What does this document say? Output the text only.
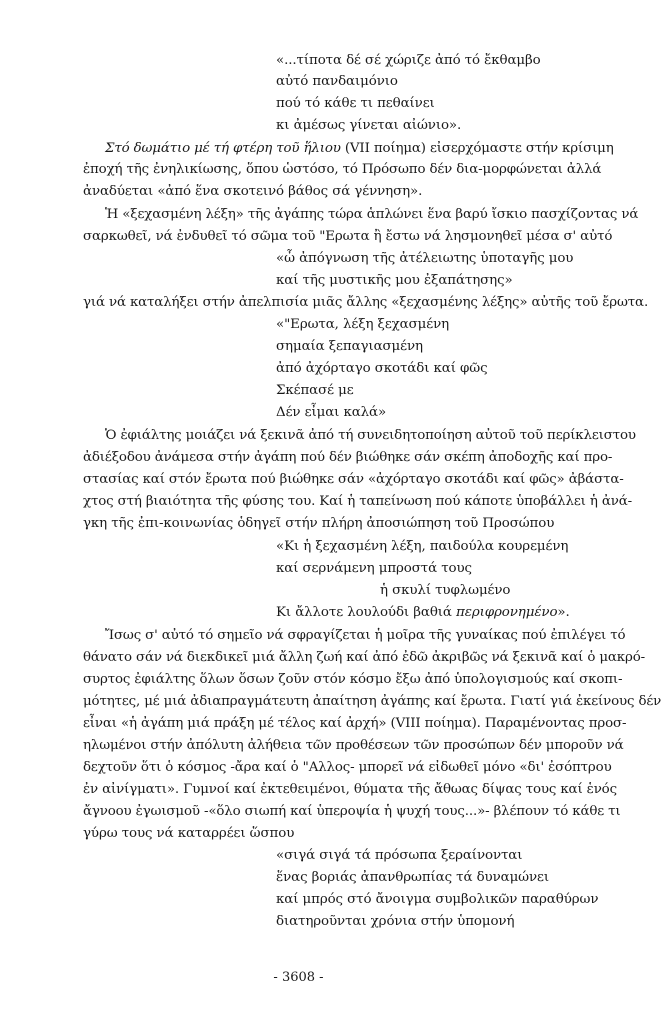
«...τίποτα δέ σέ χώριζε ἀπό τό ἔκθαμβο
αὐτό πανδαιμόνιο
πού τό κάθε τι πεθαίνει
κι ἀμέσως γίνεται αἰώνιο».
Στό δωμάτιο μέ τή φτέρη τοῦ ἥλιου (VII ποίημα) εἰσερχόμαστε στήν κρίσιμη
ἐποχή τῆς ἐνηλικίωσης, ὅπου ὡστόσο, τό Πρόσωπο δέν δια-μορφώνεται ἀλλά
ἀναδύεται «ἀπό ἕνα σκοτεινό βάθος σά γέννηση».
Ἡ «ξεχασμένη λέξη» τῆς ἀγάπης τώρα ἁπλώνει ἕνα βαρύ ἴσκιο πασχίζοντας νά
σαρκωθεῖ, νά ἐνδυθεῖ τό σῶμα τοῦ "Ερωτα ἢ ἔστω νά λησμονηθεῖ μέσα σ' αὐτό
«ὦ ἀπόγνωση τῆς ἀτέλειωτης ὑποταγῆς μου
καί τῆς μυστικῆς μου ἐξαπάτησης»
γιά νά καταλήξει στήν ἀπελπισία μιᾶς ἄλλης «ξεχασμένης λέξης» αὐτῆς τοῦ ἔρωτα.
«"Ερωτα, λέξη ξεχασμένη
σημαία ξεπαγιασμένη
ἀπό ἀχόρταγο σκοτάδι καί φῶς
Σκέπασέ με
Δέν εἶμαι καλά»
Ὁ ἐφιάλτης μοιάζει νά ξεκινᾶ ἀπό τή συνειδητοποίηση αὐτοῦ τοῦ περίκλειστου
ἀδιέξοδου ἀνάμεσα στήν ἀγάπη πού δέν βιώθηκε σάν σκέπη ἀποδοχῆς καί προ-
στασίας καί στόν ἔρωτα πού βιώθηκε σάν «ἀχόρταγο σκοτάδι καί φῶς» ἀβάστα-
χτος στή βιαιότητα τῆς φύσης του. Καί ἡ ταπείνωση πού κάποτε ὑποβάλλει ἡ ἀνά-
γκη τῆς ἐπι-κοινωνίας ὁδηγεῖ στήν πλήρη ἀποσιώπηση τοῦ Προσώπου
«Κι ἡ ξεχασμένη λέξη, παιδούλα κουρεμένη
καί σερνάμενη μπροστά τους
ἡ σκυλί τυφλωμένο
Κι ἄλλοτε λουλούδι βαθιά περιφρονημένο».
Ἴσως σ' αὐτό τό σημεῖο νά σφραγίζεται ἡ μοῖρα τῆς γυναίκας πού ἐπιλέγει τό
θάνατο σάν νά διεκδικεῖ μιά ἄλλη ζωή καί ἀπό ἐδῶ ἀκριβῶς νά ξεκινᾶ καί ὁ μακρό-
συρτος ἐφιάλτης ὅλων ὅσων ζοῦν στόν κόσμο ἔξω ἀπό ὑπολογισμούς καί σκοπι-
μότητες, μέ μιά ἀδιαπραγμάτευτη ἀπαίτηση ἀγάπης καί ἔρωτα. Γιατί γιά ἐκείνους δέν
εἶναι «ἡ ἀγάπη μιά πράξη μέ τέλος καί ἀρχή» (VIII ποίημα). Παραμένοντας προσ-
ηλωμένοι στήν ἀπόλυτη ἀλήθεια τῶν προθέσεων τῶν προσώπων δέν μποροῦν νά
δεχτοῦν ὅτι ὁ κόσμος -ἄρα καί ὁ "Αλλος- μπορεῖ νά εἰδωθεῖ μόνο «δι' ἐσόπτρου
ἐν αἰνίγματι». Γυμνοί καί ἐκτεθειμένοι, θύματα τῆς ἄθωας δίψας τους καί ἑνός
ἄγνοου ἐγωισμοῦ -«ὅλο σιωπή καί ὑπεροψία ἡ ψυχή τους...»- βλέπουν τό κάθε τι
γύρω τους νά καταρρέει ὥσπου
«σιγά σιγά τά πρόσωπα ξεραίνονται
ἕνας βοριάς ἀπανθρωπίας τά δυναμώνει
καί μπρός στό ἄνοιγμα συμβολικῶν παραθύρων
διατηροῦνται χρόνια στήν ὑπομονή
- 3608 -
